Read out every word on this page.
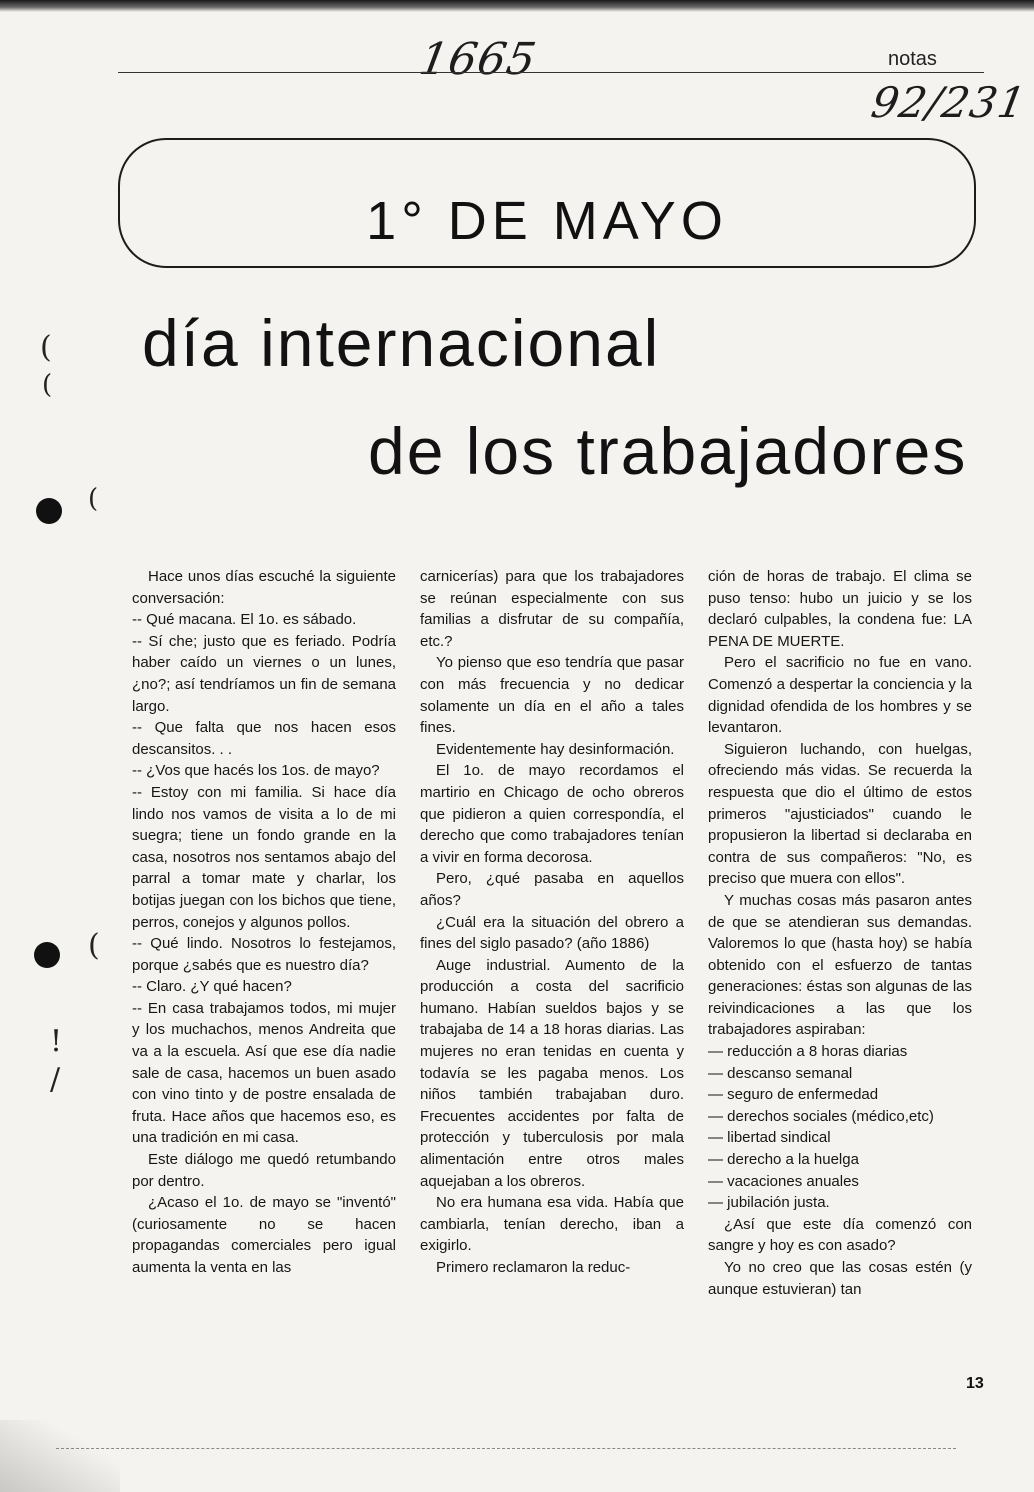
1665	notas
92/231
1° DE MAYO
día internacional
de los trabajadores
(
(
(
(
!
/

Hace unos días escuché la siguiente conversación:

-- Qué macana. El 1o. es sábado.

-- Sí che; justo que es feriado. Podría haber caído un viernes o un lunes,¿no?; así tendríamos un fin de semana largo.

-- Que falta que nos hacen esos descansitos. . .

-- ¿Vos que hacés los 1os. de mayo?

-- Estoy con mi familia. Si hace día lindo nos vamos de visita a lo de mi suegra; tiene un fondo grande en la casa, nosotros nos sentamos abajo del parral a tomar mate y charlar, los botijas juegan con los bichos que tiene, perros, conejos y algunos pollos.

-- Qué lindo. Nosotros lo festejamos, porque ¿sabés que es nuestro día?

-- Claro. ¿Y qué hacen?

-- En casa trabajamos todos, mi mujer y los muchachos, menos Andreita que va a la escuela. Así que ese día nadie sale de casa, hacemos un buen asado con vino tinto y de postre ensalada de fruta. Hace años que hacemos eso, es una tradición en mi casa.

Este diálogo me quedó retumbando por dentro.

¿Acaso el 1o. de mayo se "inventó" (curiosamente no se hacen propagandas comerciales pero igual aumenta la venta en las

carnicerías) para que los trabajadores se reúnan especialmente con sus familias a disfrutar de su compañía, etc.?

Yo pienso que eso tendría que pasar con más frecuencia y no dedicar solamente un día en el año a tales fines.

Evidentemente hay desinformación.

El 1o. de mayo recordamos el martirio en Chicago de ocho obreros que pidieron a quien correspondía, el derecho que como trabajadores tenían a vivir en forma decorosa.

Pero, ¿qué pasaba en aquellos años?

¿Cuál era la situación del obrero a fines del siglo pasado? (año 1886)

Auge industrial. Aumento de la producción a costa del sacrificio humano. Habían sueldos bajos y se trabajaba de 14 a 18 horas diarias. Las mujeres no eran tenidas en cuenta y todavía se les pagaba menos. Los niños también trabajaban duro. Frecuentes accidentes por falta de protección y tuberculosis por mala alimentación entre otros males aquejaban a los obreros.

No era humana esa vida. Había que cambiarla, tenían derecho, iban a exigirlo.

Primero reclamaron la reduc-

ción de horas de trabajo. El clima se puso tenso: hubo un juicio y se los declaró culpables, la condena fue: LA PENA DE MUERTE.

Pero el sacrificio no fue en vano. Comenzó a despertar la conciencia y la dignidad ofendida de los hombres y se levantaron.

Siguieron luchando, con huelgas, ofreciendo más vidas. Se recuerda la respuesta que dio el último de estos primeros "ajusticiados" cuando le propusieron la libertad si declaraba en contra de sus compañeros: "No, es preciso que muera con ellos".

Y muchas cosas más pasaron antes de que se atendieran sus demandas. Valoremos lo que (hasta hoy) se había obtenido con el esfuerzo de tantas generaciones: éstas son algunas de las reivindicaciones a las que los trabajadores aspiraban:

— reducción a 8 horas diarias

— descanso semanal

— seguro de enfermedad

— derechos sociales (médico,etc)

— libertad sindical

— derecho a la huelga

— vacaciones anuales

— jubilación justa.

¿Así que este día comenzó con sangre y hoy es con asado?

Yo no creo que las cosas estén (y aunque estuvieran) tan

13
